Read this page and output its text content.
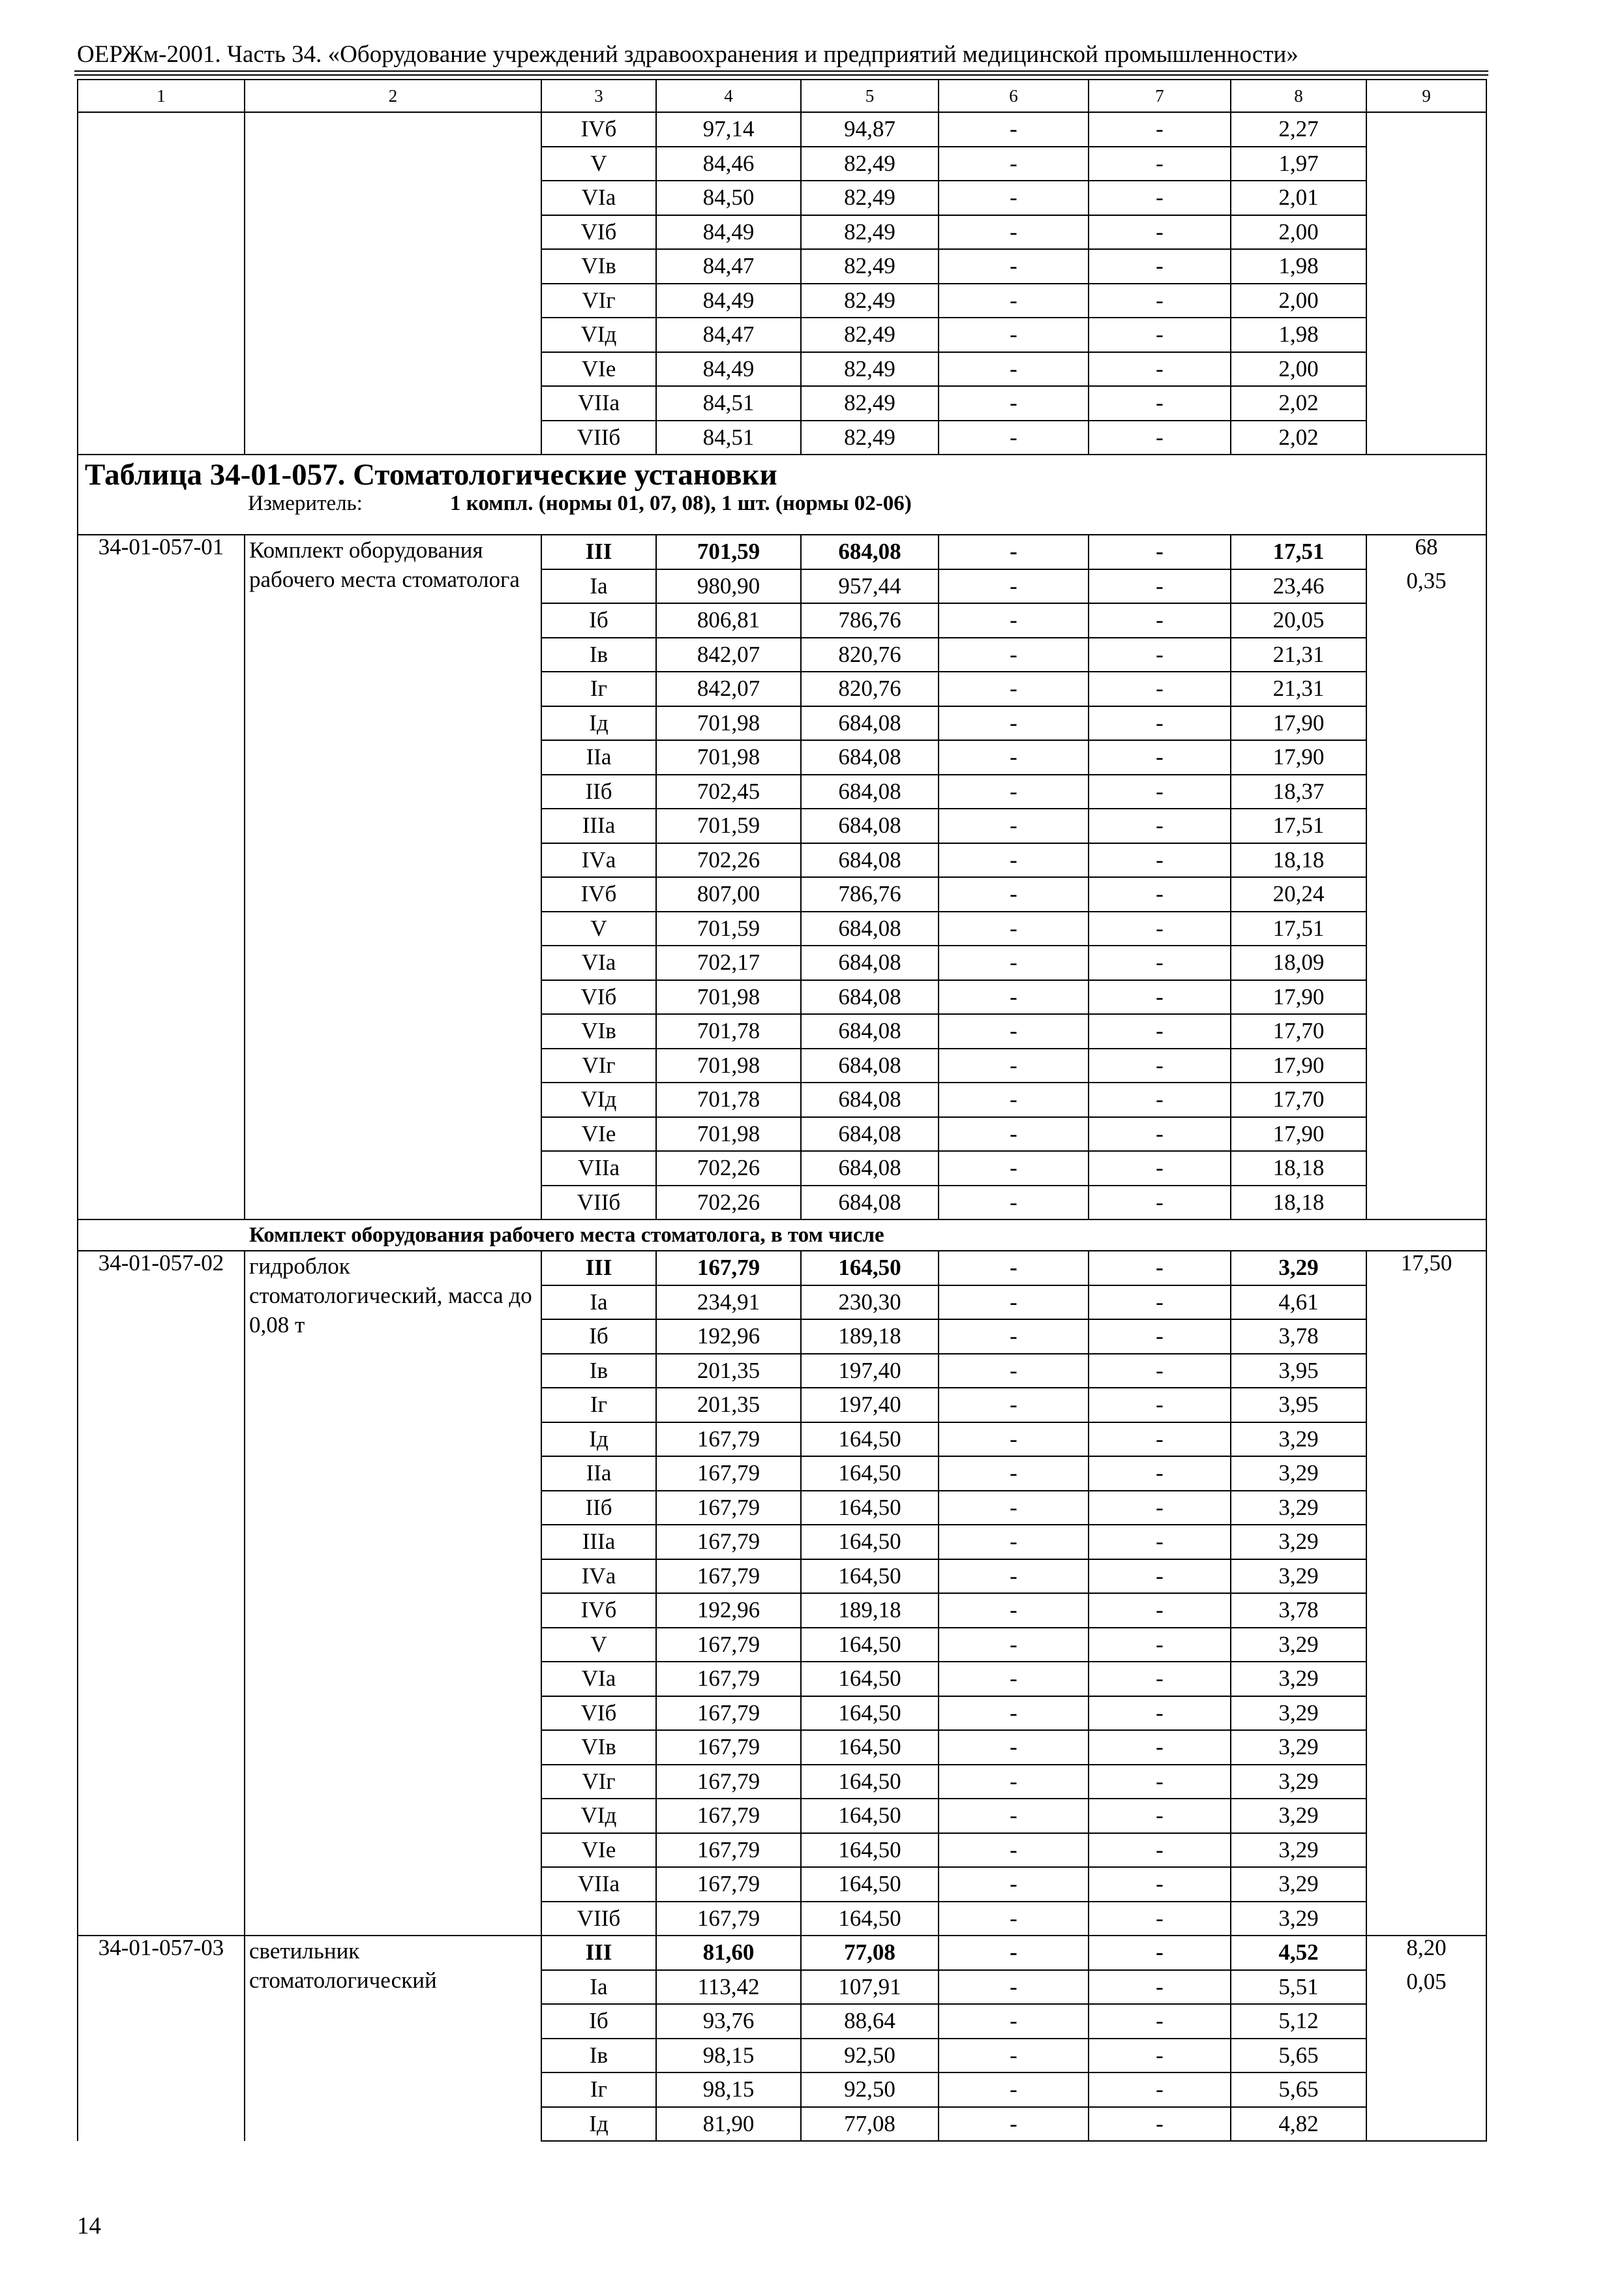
ОЕРЖм-2001. Часть 34. «Оборудование учреждений здравоохранения и предприятий медицинской промышленности»
1	2	3	4	5	6	7	8	9
		IVб	97,14	94,87	-	-	2,27	
		V	84,46	82,49	-	-	1,97	
		VIа	84,50	82,49	-	-	2,01	
		VIб	84,49	82,49	-	-	2,00	
		VIв	84,47	82,49	-	-	1,98	
		VIг	84,49	82,49	-	-	2,00	
		VIд	84,47	82,49	-	-	1,98	
		VIе	84,49	82,49	-	-	2,00	
		VIIа	84,51	82,49	-	-	2,02	
		VIIб	84,51	82,49	-	-	2,02	

Таблица 34-01-057. Стоматологические установки
Измеритель: 1 компл. (нормы 01, 07, 08), 1 шт. (нормы 02-06)								

34-01-057-01	Комплект оборудования рабочего места стоматолога	III	701,59	684,08	-	-	17,51	68
		Iа	980,90	957,44	-	-	23,46	0,35
		Iб	806,81	786,76	-	-	20,05	
		Iв	842,07	820,76	-	-	21,31	
		Iг	842,07	820,76	-	-	21,31	
		Iд	701,98	684,08	-	-	17,90	
		IIа	701,98	684,08	-	-	17,90	
		IIб	702,45	684,08	-	-	18,37	
		IIIа	701,59	684,08	-	-	17,51	
		IVа	702,26	684,08	-	-	18,18	
		IVб	807,00	786,76	-	-	20,24	
		V	701,59	684,08	-	-	17,51	
		VIа	702,17	684,08	-	-	18,09	
		VIб	701,98	684,08	-	-	17,90	
		VIв	701,78	684,08	-	-	17,70	
		VIг	701,98	684,08	-	-	17,90	
		VIд	701,78	684,08	-	-	17,70	
		VIе	701,98	684,08	-	-	17,90	
		VIIа	702,26	684,08	-	-	18,18	
		VIIб	702,26	684,08	-	-	18,18	
Комплект оборудования рабочего места стоматолога, в том числе								
34-01-057-02	гидроблок стоматологический, масса до 0,08 т	III	167,79	164,50	-	-	3,29	17,50
		Iа	234,91	230,30	-	-	4,61	
		Iб	192,96	189,18	-	-	3,78	
		Iв	201,35	197,40	-	-	3,95	
		Iг	201,35	197,40	-	-	3,95	
		Iд	167,79	164,50	-	-	3,29	
		IIа	167,79	164,50	-	-	3,29	
		IIб	167,79	164,50	-	-	3,29	
		IIIа	167,79	164,50	-	-	3,29	
		IVа	167,79	164,50	-	-	3,29	
		IVб	192,96	189,18	-	-	3,78	
		V	167,79	164,50	-	-	3,29	
		VIа	167,79	164,50	-	-	3,29	
		VIб	167,79	164,50	-	-	3,29	
		VIв	167,79	164,50	-	-	3,29	
		VIг	167,79	164,50	-	-	3,29	
		VIд	167,79	164,50	-	-	3,29	
		VIе	167,79	164,50	-	-	3,29	
		VIIа	167,79	164,50	-	-	3,29	
		VIIб	167,79	164,50	-	-	3,29	
34-01-057-03	светильник стоматологический	III	81,60	77,08	-	-	4,52	8,20
		Iа	113,42	107,91	-	-	5,51	0,05
		Iб	93,76	88,64	-	-	5,12	
		Iв	98,15	92,50	-	-	5,65	
		Iг	98,15	92,50	-	-	5,65	
		Iд	81,90	77,08	-	-	4,82	
14
